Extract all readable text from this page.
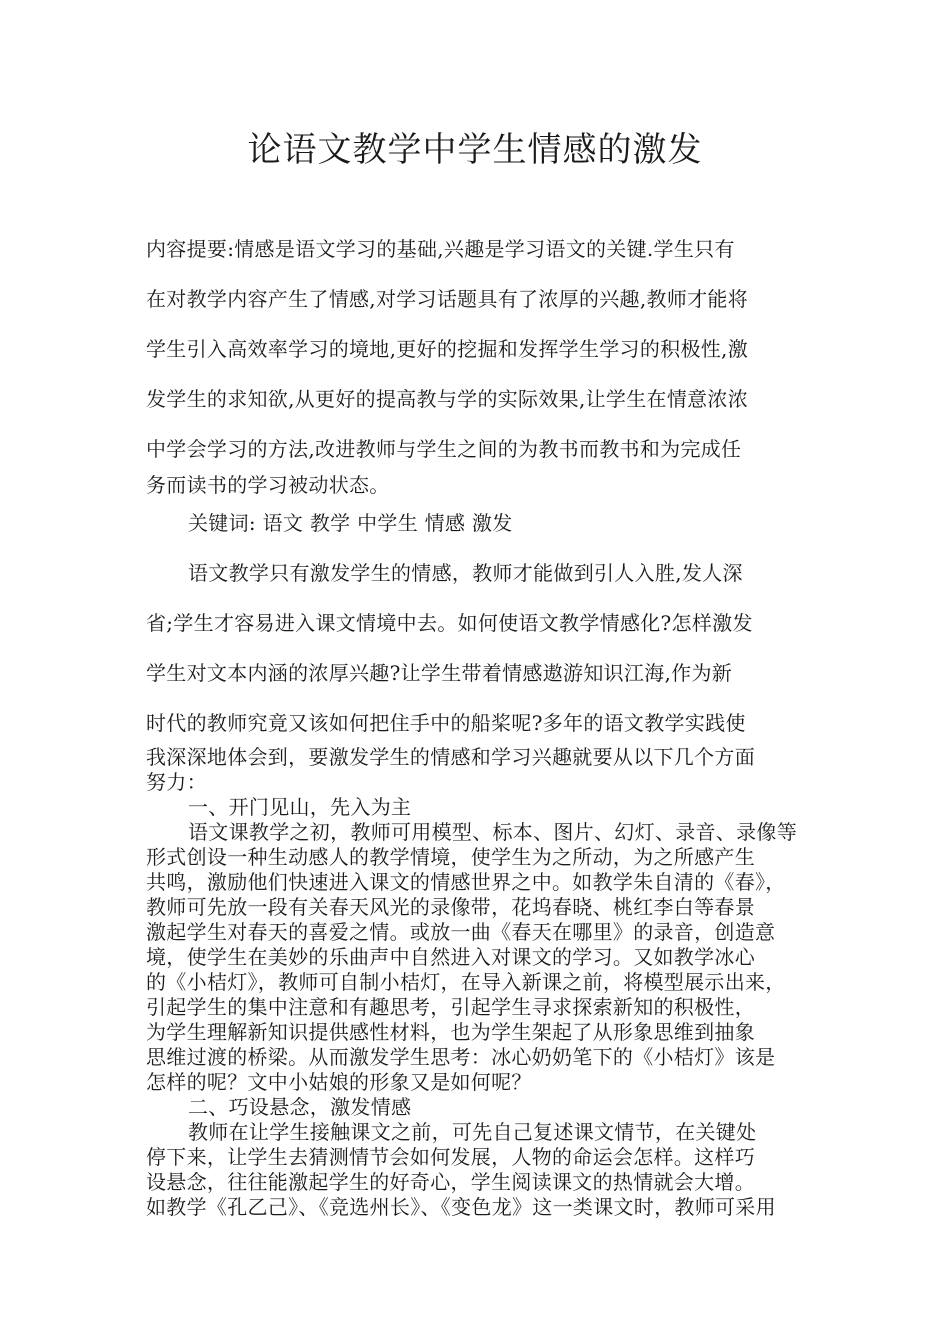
论语文教学中学生情感的激发
内容提要:情感是语文学习的基础,兴趣是学习语文的关键.学生只有
在对教学内容产生了情感,对学习话题具有了浓厚的兴趣,教师才能将
学生引入高效率学习的境地,更好的挖掘和发挥学生学习的积极性,激
发学生的求知欲,从更好的提高教与学的实际效果,让学生在情意浓浓
中学会学习的方法,改进教师与学生之间的为教书而教书和为完成任
务而读书的学习被动状态。
关键词: 语文 教学 中学生 情感 激发
语文教学只有激发学生的情感，教师才能做到引人入胜,发人深
省;学生才容易进入课文情境中去。如何使语文教学情感化?怎样激发
学生对文本内涵的浓厚兴趣?让学生带着情感遨游知识江海,作为新
时代的教师究竟又该如何把住手中的船桨呢?多年的语文教学实践使
我深深地体会到，要激发学生的情感和学习兴趣就要从以下几个方面
努力：
一、开门见山，先入为主
语文课教学之初，教师可用模型、标本、图片、幻灯、录音、录像等
形式创设一种生动感人的教学情境，使学生为之所动，为之所感产生
共鸣，激励他们快速进入课文的情感世界之中。如教学朱自清的《春》，
教师可先放一段有关春天风光的录像带，花坞春晓、桃红李白等春景
激起学生对春天的喜爱之情。或放一曲《春天在哪里》的录音，创造意
境，使学生在美妙的乐曲声中自然进入对课文的学习。又如教学冰心
的《小桔灯》，教师可自制小桔灯，在导入新课之前，将模型展示出来，
引起学生的集中注意和有趣思考，引起学生寻求探索新知的积极性，
为学生理解新知识提供感性材料，也为学生架起了从形象思维到抽象
思维过渡的桥梁。从而激发学生思考：冰心奶奶笔下的《小桔灯》该是
怎样的呢？文中小姑娘的形象又是如何呢？
二、巧设悬念，激发情感
教师在让学生接触课文之前，可先自己复述课文情节，在关键处
停下来，让学生去猜测情节会如何发展，人物的命运会怎样。这样巧
设悬念，往往能激起学生的好奇心，学生阅读课文的热情就会大增。
如教学《孔乙己》、《竞选州长》、《变色龙》这一类课文时，教师可采用
